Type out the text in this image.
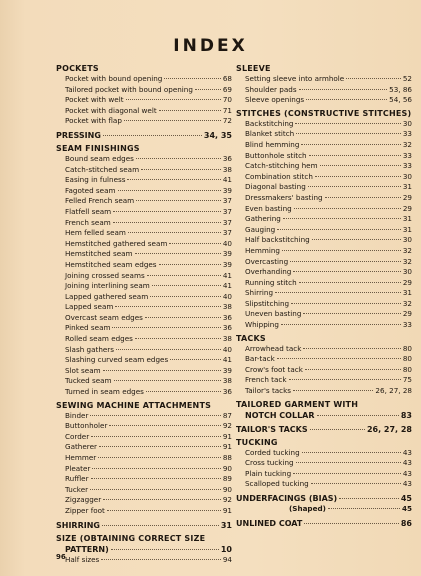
INDEX
POCKETS
Pocket with bound opening	68
Tailored pocket with bound opening	69
Pocket with welt	70
Pocket with diagonal welt	71
Pocket with flap	72
PRESSING	34, 35
SEAM FINISHINGS
Bound seam edges	36
Catch-stitched seam	38
Easing in fulness	41
Fagoted seam	39
Felled French seam	37
Flatfell seam	37
French seam	37
Hem felled seam	37
Hemstitched gathered seam	40
Hemstitched seam	39
Hemstitched seam edges	39
Joining crossed seams	41
Joining interlining seam	41
Lapped gathered seam	40
Lapped seam	38
Overcast seam edges	36
Pinked seam	36
Rolled seam edges	38
Slash gathers	40
Slashing curved seam edges	41
Slot seam	39
Tucked seam	38
Turned in seam edges	36
SEWING MACHINE ATTACHMENTS
Binder	87
Buttonholer	92
Corder	91
Gatherer	91
Hemmer	88
Pleater	90
Ruffler	89
Tucker	90
Zigzagger	92
Zipper foot	91
SHIRRING	31
SIZE (OBTAINING CORRECT SIZE
PATTERN)	10
Half sizes	94
SLEEVE
Setting sleeve into armhole	52
Shoulder pads	53, 86
Sleeve openings	54, 56
STITCHES (CONSTRUCTIVE STITCHES)
Backstitching	30
Blanket stitch	33
Blind hemming	32
Buttonhole stitch	33
Catch-stitching hem	33
Combination stitch	30
Diagonal basting	31
Dressmakers' basting	29
Even basting	29
Gathering	31
Gauging	31
Half backstitching	30
Hemming	32
Overcasting	32
Overhanding	30
Running stitch	29
Shirring	31
Slipstitching	32
Uneven basting	29
Whipping	33
TACKS
Arrowhead tack	80
Bar-tack	80
Crow's foot tack	80
French tack	75
Tailor's tacks	26, 27, 28
TAILORED GARMENT WITH
NOTCH COLLAR	83
TAILOR'S TACKS	26, 27, 28
TUCKING
Corded tucking	43
Cross tucking	43
Plain tucking	43
Scalloped tucking	43
UNDERFACINGS (BIAS)	45
(Shaped)	45
UNLINED COAT	86
96
